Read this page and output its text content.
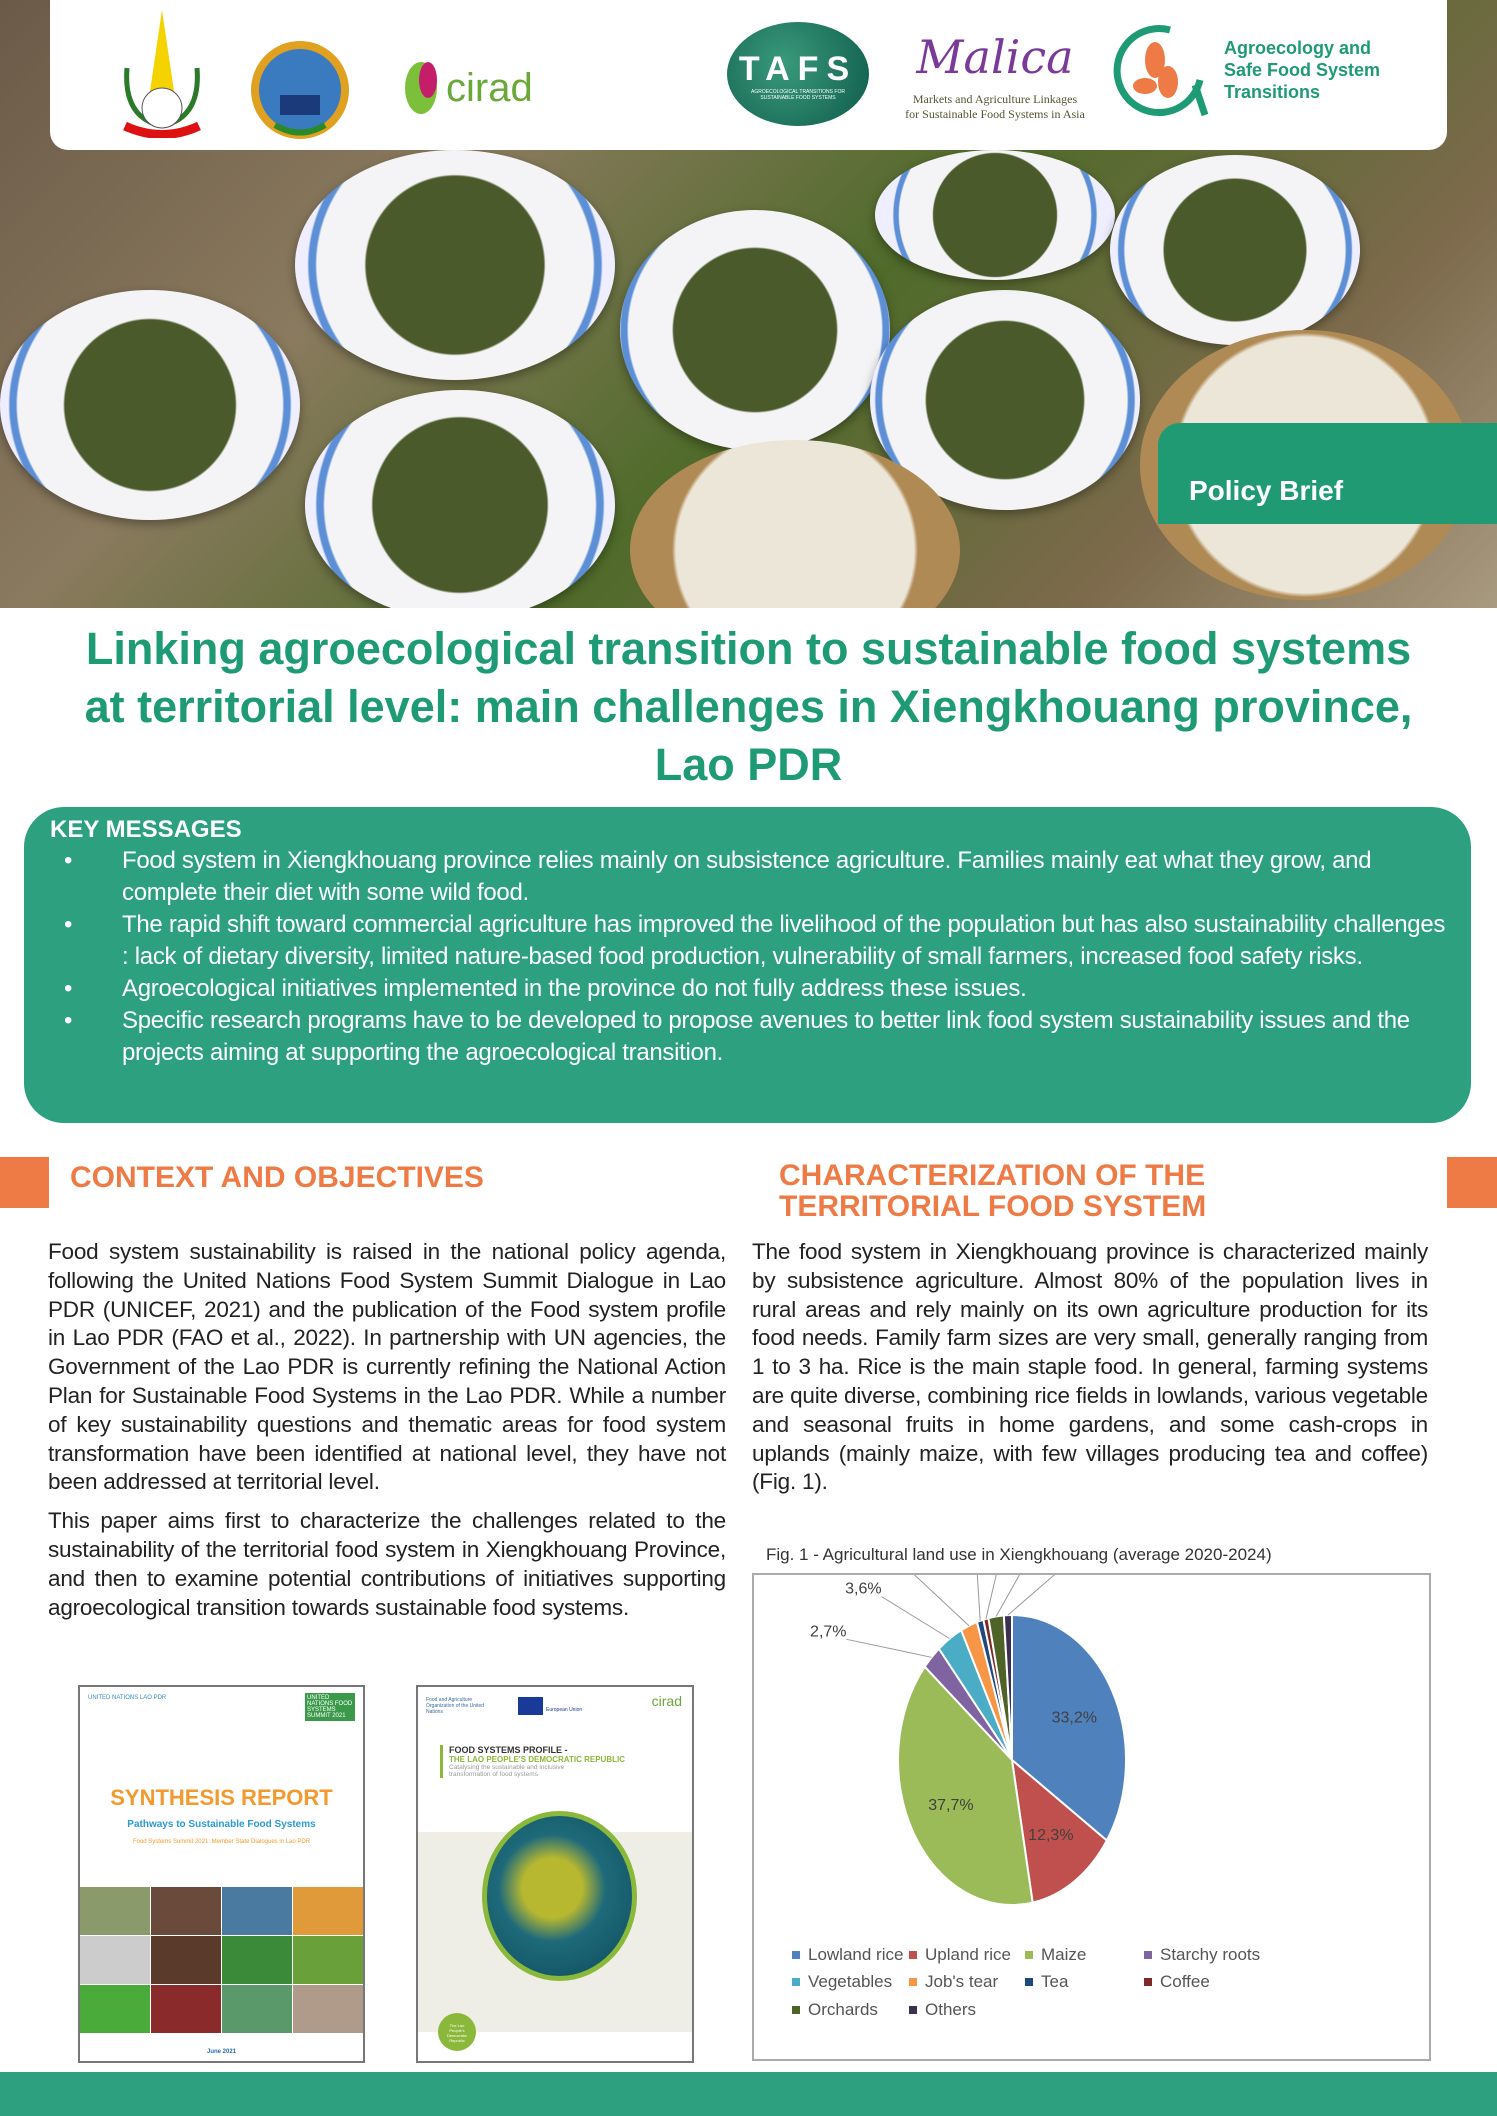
cirad	TAFS
AGROECOLOGICAL TRANSITIONS FOR SUSTAINABLE FOOD SYSTEMS
Malica
Markets and Agriculture Linkages for Sustainable Food Systems in Asia
Agroecology and
Safe Food System
Transitions
Policy Brief
Linking agroecological transition to sustainable food systems at territorial level: main challenges in Xiengkhouang province, Lao PDR
KEY MESSAGES
• Food system in Xiengkhouang province relies mainly on subsistence agriculture. Families mainly eat what they grow, and complete their diet with some wild food.
• The rapid shift toward commercial agriculture has improved the livelihood of the population but has also sustainability challenges : lack of dietary diversity, limited nature-based food production, vulnerability of small farmers, increased food safety risks.
• Agroecological initiatives implemented in the province do not fully address these issues.
• Specific research programs have to be developed to propose avenues to better link food system sustainability issues and the projects aiming at supporting the agroecological transition.
CONTEXT AND OBJECTIVES

Food system sustainability is raised in the national policy agenda, following the United Nations Food System Summit Dialogue in Lao PDR (UNICEF, 2021) and the publication of the Food system profile in Lao PDR (FAO et al., 2022). In partnership with UN agencies, the Government of the Lao PDR is currently refining the National Action Plan for Sustainable Food Systems in the Lao PDR. While a number of key sustainability questions and thematic areas for food system transformation have been identified at national level, they have not been addressed at territorial level.

This paper aims first to characterize the challenges related to the sustainability of the territorial food system in Xiengkhouang Province, and then to examine potential contributions of initiatives supporting agroecological transition towards sustainable food systems.

UNITED NATIONS LAO PDR	UNITED NATIONS FOOD SYSTEMS SUMMIT 2021
SYNTHESIS REPORT
Pathways to Sustainable Food Systems
Food Systems Summit 2021: Member State Dialogues in Lao PDR
June 2021
Food and Agriculture Organization of the United Nations	European Union
cirad
FOOD SYSTEMS PROFILE -
THE LAO PEOPLE'S DEMOCRATIC REPUBLIC
Catalysing the sustainable and inclusive transformation of food systems
The Lao People's Democratic Republic
CHARACTERIZATION OF THE
TERRITORIAL FOOD SYSTEM
The food system in Xiengkhouang province is characterized mainly by subsistence agriculture. Almost 80% of the population lives in rural areas and rely mainly on its own agriculture production for its food needs. Family farm sizes are very small, generally ranging from 1 to 3 ha. Rice is the main staple food. In general, farming systems are quite diverse, combining rice fields in lowlands, various vegetable and seasonal fruits in home gardens, and some cash-crops in uplands (mainly maize, with few villages producing tea and coffee) (Fig. 1).
Fig. 1 - Agricultural land use in Xiengkhouang (average 2020-2024)
33,2%
12,3%
37,7%
2,7%
3,6%
Lowland rice Upland rice Maize	Starchy roots
Vegetables Job's tear	Tea	Coffee
Orchards	Others
